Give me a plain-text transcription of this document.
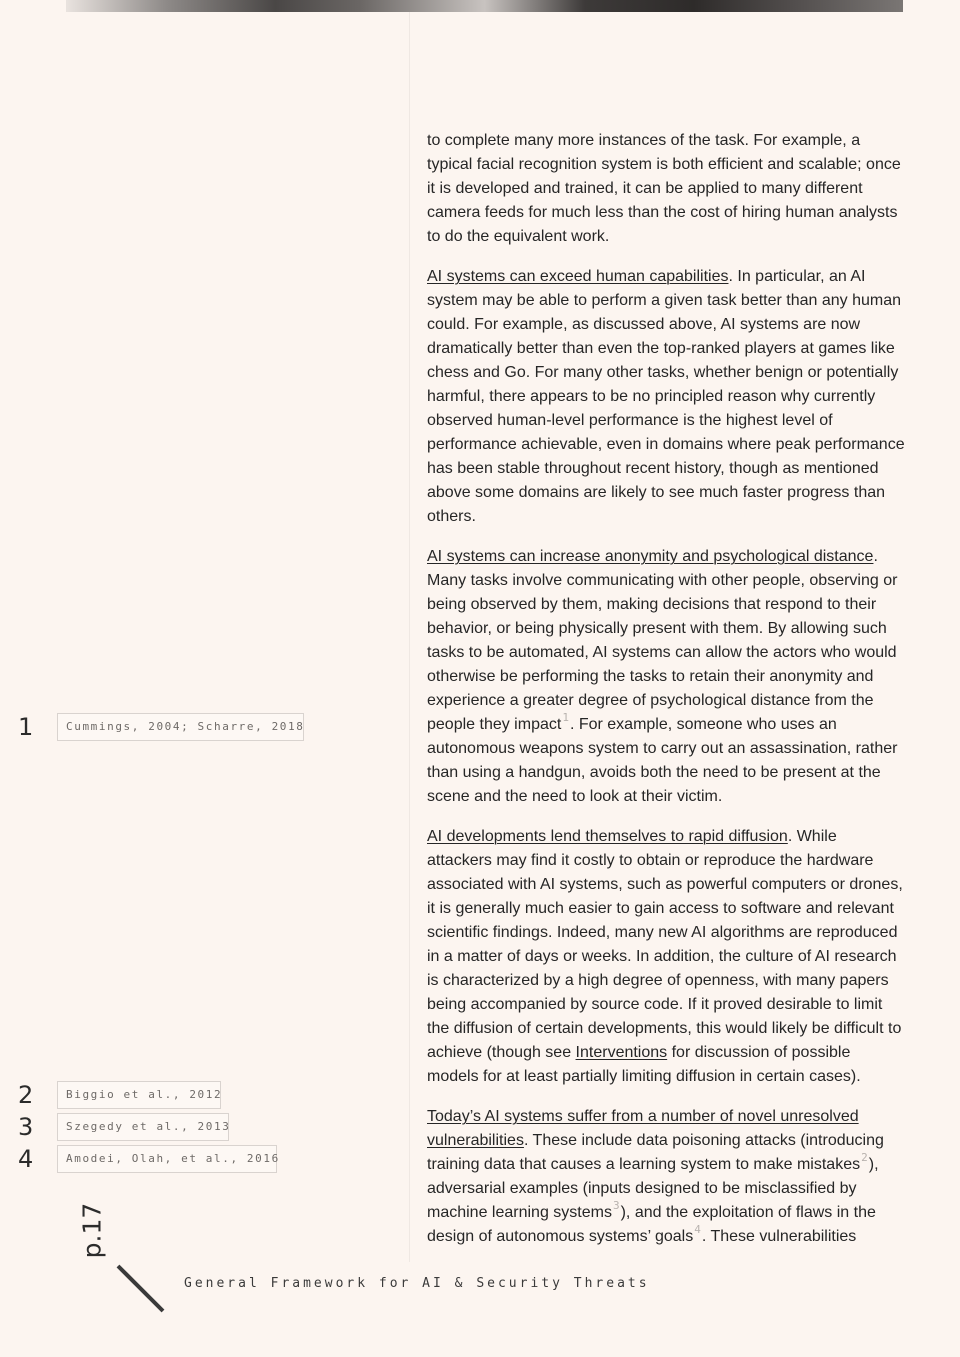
1	Cummings, 2004; Scharre, 2018
2	Biggio et al., 2012
3	Szegedy et al., 2013
4	Amodei, Olah, et al., 2016

to complete many more instances of the task. For example, a typical facial recognition system is both efficient and scalable; once it is developed and trained, it can be applied to many different camera feeds for much less than the cost of hiring human analysts to do the equivalent work.

AI systems can exceed human capabilities. In particular, an AI system may be able to perform a given task better than any human could. For example, as discussed above, AI systems are now dramatically better than even the top-ranked players at games like chess and Go. For many other tasks, whether benign or potentially harmful, there appears to be no principled reason why currently observed human-level performance is the highest level of performance achievable, even in domains where peak performance has been stable throughout recent history, though as mentioned above some domains are likely to see much faster progress than others.

AI systems can increase anonymity and psychological distance. Many tasks involve communicating with other people, observing or being observed by them, making decisions that respond to their behavior, or being physically present with them. By allowing such tasks to be automated, AI systems can allow the actors who would otherwise be performing the tasks to retain their anonymity and experience a greater degree of psychological distance from the people they impact$^1$. For example, someone who uses an autonomous weapons system to carry out an assassination, rather than using a handgun, avoids both the need to be present at the scene and the need to look at their victim.

AI developments lend themselves to rapid diffusion. While attackers may find it costly to obtain or reproduce the hardware associated with AI systems, such as powerful computers or drones, it is generally much easier to gain access to software and relevant scientific findings. Indeed, many new AI algorithms are reproduced in a matter of days or weeks. In addition, the culture of AI research is characterized by a high degree of openness, with many papers being accompanied by source code. If it proved desirable to limit the diffusion of certain developments, this would likely be difficult to achieve (though see Interventions for discussion of possible models for at least partially limiting diffusion in certain cases).

Today’s AI systems suffer from a number of novel unresolved vulnerabilities. These include data poisoning attacks (introducing training data that causes a learning system to make mistakes$^2$), adversarial examples (inputs designed to be misclassified by machine learning systems$^3$), and the exploitation of flaws in the design of autonomous systems’ goals$^4$. These vulnerabilities

p.17
General Framework for AI & Security Threats
